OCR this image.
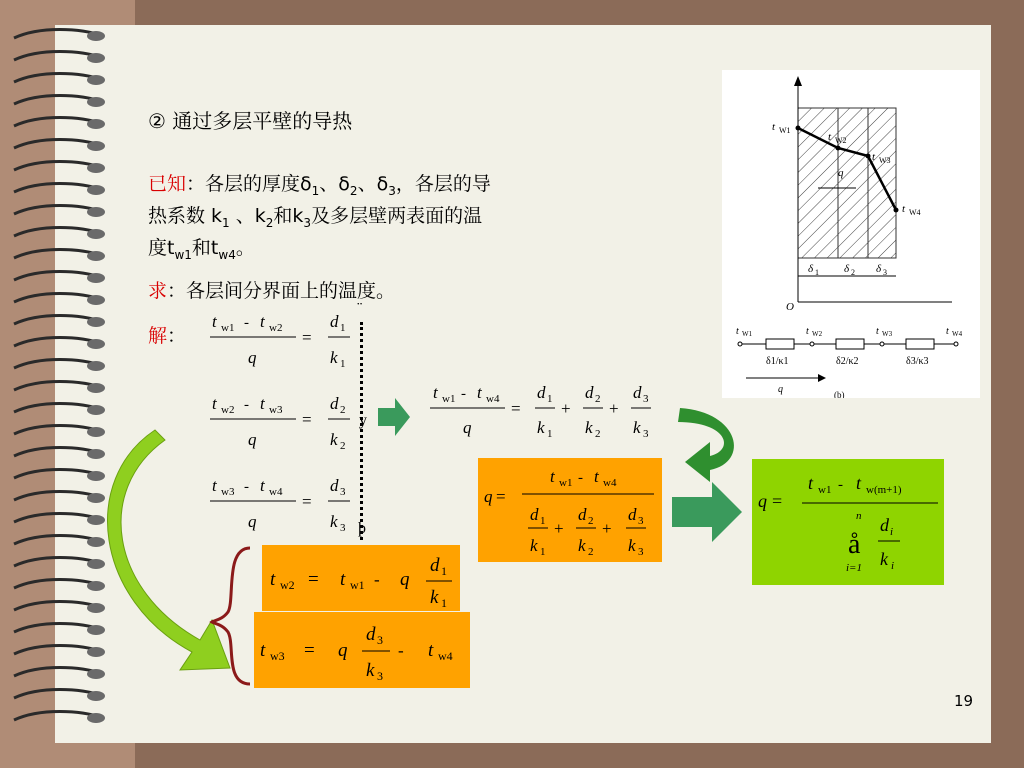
② 通过多层平壁的导热
已知：各层的厚度$\delta_1$、$\delta_2$、$\delta_3$，各层的导
热系数 $k_1$ 、$k_2$和$k_3$及多层壁两表面的温
度$t_{w1}$和$t_{w4}$。
求：各层间分界面上的温度。
解：
¨
y
þ
t w1 - t w2
q
=
d 1
k 1
t w2 - t w3
q
=
d 2
k 2
t w3 - t w4
q
=
d 3
k 3
t w1 - t w4
q
=
d 1
k 1
+
d 2
k 2
+
d 3
k 3
q =
t w1 - t w4
d 1
k 1
+
d 2
k 2
+
d 3
k 3
q =
t w1 - t w(m+1)
n
å
i=1
d i
k i
t w2 = t w1 - q
d 1
k 1
t w3 = q
d 3
k 3
- t w4
t W1
t W2
t W3
t W4
q
δ 1 δ 2 δ 3
O
t W1	t W2	t W3	t W4
δ1/κ1	δ2/κ2	δ3/κ3
q	(b)
19
